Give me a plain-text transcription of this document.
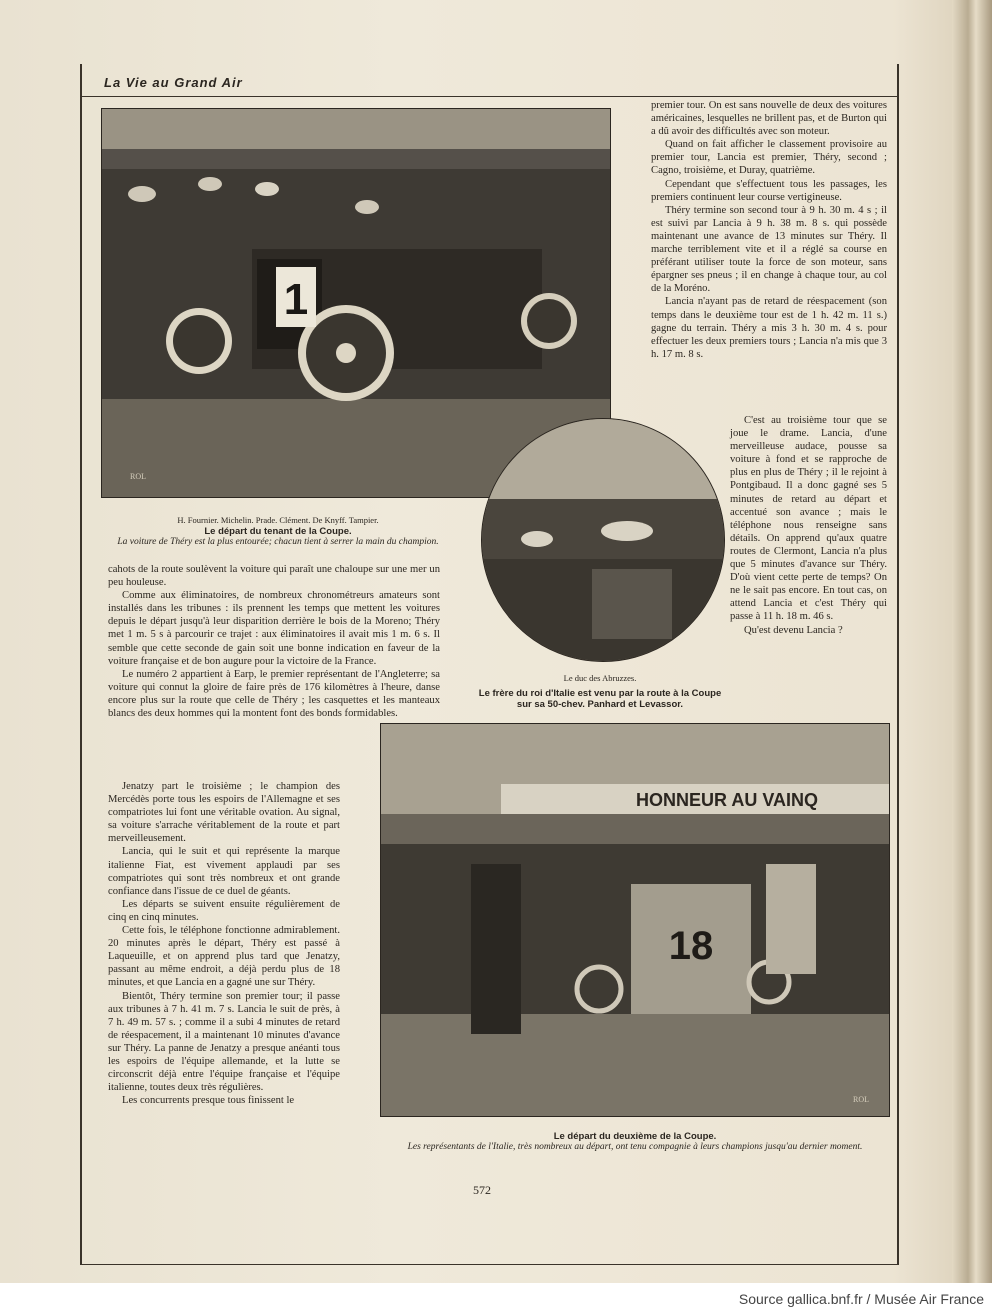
La Vie au Grand Air
1
ROL
H. Fournier. Michelin. Prade. Clément. De Knyff. Tampier.
Le départ du tenant de la Coupe.
La voiture de Théry est la plus entourée; chacun tient à serrer la main du champion.
Le duc des Abruzzes.
Le frère du roi d'Italie est venu par la route à la Coupe sur sa 50-chev. Panhard et Levassor.
HONNEUR AU VAINQ
18
ROL
Le départ du deuxième de la Coupe.
Les représentants de l'Italie, très nombreux au départ, ont tenu compagnie à leurs champions jusqu'au dernier moment.

cahots de la route soulèvent la voiture qui paraît une chaloupe sur une mer un peu houleuse.

Comme aux éliminatoires, de nombreux chronométreurs amateurs sont installés dans les tribunes : ils prennent les temps que mettent les voitures depuis le départ jusqu'à leur disparition derrière le bois de la Moreno; Théry met 1 m. 5 s à parcourir ce trajet : aux éliminatoires il avait mis 1 m. 6 s. Il semble que cette seconde de gain soit une bonne indication en faveur de la voiture française et de bon augure pour la victoire de la France.

Le numéro 2 appartient à Earp, le premier représentant de l'Angleterre; sa voiture qui connut la gloire de faire près de 176 kilomètres à l'heure, danse encore plus sur la route que celle de Théry ; les casquettes et les manteaux blancs des deux hommes qui la montent font des bonds formidables.

Jenatzy part le troisième ; le champion des Mercédès porte tous les espoirs de l'Allemagne et ses compatriotes lui font une véritable ovation. Au signal, sa voiture s'arrache véritablement de la route et part merveilleusement.

Lancia, qui le suit et qui représente la marque italienne Fiat, est vivement applaudi par ses compatriotes qui sont très nombreux et ont grande confiance dans l'issue de ce duel de géants.

Les départs se suivent ensuite régulièrement de cinq en cinq minutes.

Cette fois, le téléphone fonctionne admirablement. 20 minutes après le départ, Théry est passé à Laqueuille, et on apprend plus tard que Jenatzy, passant au même endroit, a déjà perdu plus de 18 minutes, et que Lancia en a gagné une sur Théry.

Bientôt, Théry termine son premier tour; il passe aux tribunes à 7 h. 41 m. 7 s. Lancia le suit de près, à 7 h. 49 m. 57 s. ; comme il a subi 4 minutes de retard de réespacement, il a maintenant 10 minutes d'avance sur Théry. La panne de Jenatzy a presque anéanti tous les espoirs de l'équipe allemande, et la lutte se circonscrit déjà entre l'équipe française et l'équipe italienne, toutes deux très régulières.

Les concurrents presque tous finissent le

premier tour. On est sans nouvelle de deux des voitures américaines, lesquelles ne brillent pas, et de Burton qui a dû avoir des difficultés avec son moteur.

Quand on fait afficher le classement provisoire au premier tour, Lancia est premier, Théry, second ; Cagno, troisième, et Duray, quatrième.

Cependant que s'effectuent tous les passages, les premiers continuent leur course vertigineuse.

Théry termine son second tour à 9 h. 30 m. 4 s ; il est suivi par Lancia à 9 h. 38 m. 8 s. qui possède maintenant une avance de 13 minutes sur Théry. Il marche terriblement vite et il a réglé sa course en préférant utiliser toute la force de son moteur, sans épargner ses pneus ; il en change à chaque tour, au col de la Moréno.

Lancia n'ayant pas de retard de réespacement (son temps dans le deuxième tour est de 1 h. 42 m. 11 s.) gagne du terrain. Théry a mis 3 h. 30 m. 4 s. pour effectuer les deux premiers tours ; Lancia n'a mis que 3 h. 17 m. 8 s.

C'est au troisième tour que se joue le drame. Lancia, d'une merveilleuse audace, pousse sa voiture à fond et se rapproche de plus en plus de Théry ; il le rejoint à Pontgibaud. Il a donc gagné ses 5 minutes de retard au départ et accentué son avance ; mais le téléphone nous renseigne sans détails. On apprend qu'aux quatre routes de Clermont, Lancia n'a plus que 5 minutes d'avance sur Théry. D'où vient cette perte de temps? On ne le sait pas encore. En tout cas, on attend Lancia et c'est Théry qui passe à 11 h. 18 m. 46 s.

Qu'est devenu Lancia ?

572
Source gallica.bnf.fr / Musée Air France
